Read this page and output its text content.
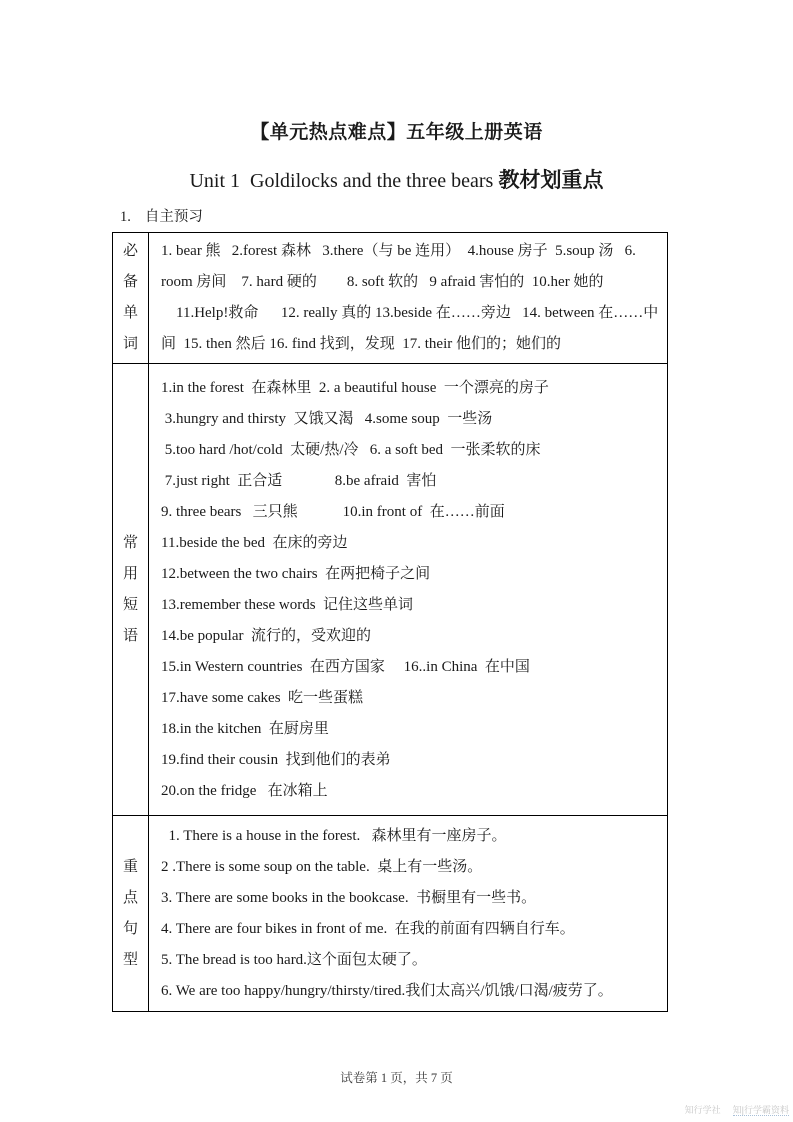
【单元热点难点】五年级上册英语
Unit 1  Goldilocks and the three bears 教材划重点
1. 自主预习
必
备
单
词

1. bear 熊   2.forest 森林   3.there（与 be 连用）  4.house 房子  5.soup 汤   6.
room 房间    7. hard 硬的        8. soft 软的   9 afraid 害怕的  10.her 她的
11.Help!救命      12. really 真的 13.beside 在……旁边   14. between 在……中
间  15. then 然后 16. find 找到，发现  17. their 他们的；她们的

常
用
短
语

1.in the forest  在森林里  2. a beautiful house  一个漂亮的房子
3.hungry and thirsty  又饿又渴   4.some soup  一些汤
5.too hard /hot/cold  太硬/热/冷   6. a soft bed  一张柔软的床
7.just right  正合适              8.be afraid  害怕
9. three bears   三只熊            10.in front of  在……前面
11.beside the bed  在床的旁边
12.between the two chairs  在两把椅子之间
13.remember these words  记住这些单词
14.be popular  流行的，受欢迎的
15.in Western countries  在西方国家     16..in China  在中国
17.have some cakes  吃一些蛋糕
18.in the kitchen  在厨房里
19.find their cousin  找到他们的表弟
20.on the fridge   在冰箱上

重
点
句
型

1. There is a house in the forest.   森林里有一座房子。
2 .There is some soup on the table.  桌上有一些汤。
3. There are some books in the bookcase.  书橱里有一些书。
4. There are four bikes in front of me.  在我的前面有四辆自行车。
5. The bread is too hard.这个面包太硬了。
6. We are too happy/hungry/thirsty/tired.我们太高兴/饥饿/口渴/疲劳了。
试卷第 1 页，共 7 页
知行学社 知|行学霸资料
